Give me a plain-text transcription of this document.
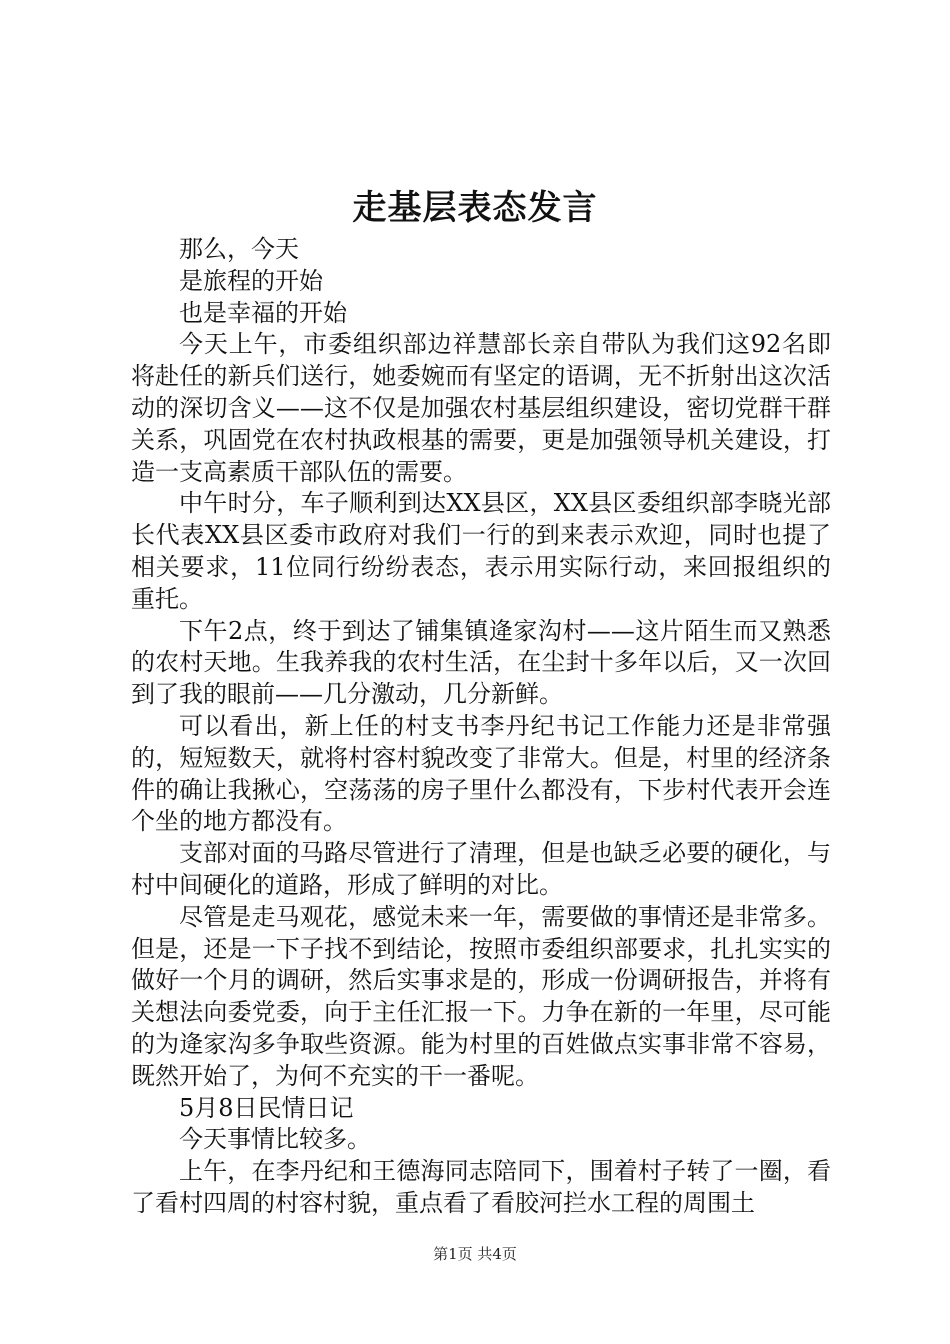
走基层表态发言

那么，今天

是旅程的开始

也是幸福的开始

今天上午，市委组织部边祥慧部长亲自带队为我们这92名即将赴任的新兵们送行，她委婉而有坚定的语调，无不折射出这次活动的深切含义——这不仅是加强农村基层组织建设，密切党群干群关系，巩固党在农村执政根基的需要，更是加强领导机关建设，打造一支高素质干部队伍的需要。

中午时分，车子顺利到达XX县区，XX县区委组织部李晓光部长代表XX县区委市政府对我们一行的到来表示欢迎，同时也提了相关要求，11位同行纷纷表态，表示用实际行动，来回报组织的重托。

下午2点，终于到达了铺集镇逄家沟村——这片陌生而又熟悉的农村天地。生我养我的农村生活，在尘封十多年以后，又一次回到了我的眼前——几分激动，几分新鲜。

可以看出，新上任的村支书李丹纪书记工作能力还是非常强的，短短数天，就将村容村貌改变了非常大。但是，村里的经济条件的确让我揪心，空荡荡的房子里什么都没有，下步村代表开会连个坐的地方都没有。

支部对面的马路尽管进行了清理，但是也缺乏必要的硬化，与村中间硬化的道路，形成了鲜明的对比。

尽管是走马观花，感觉未来一年，需要做的事情还是非常多。但是，还是一下子找不到结论，按照市委组织部要求，扎扎实实的做好一个月的调研，然后实事求是的，形成一份调研报告，并将有关想法向委党委，向于主任汇报一下。力争在新的一年里，尽可能的为逄家沟多争取些资源。能为村里的百姓做点实事非常不容易，既然开始了，为何不充实的干一番呢。

5月8日民情日记

今天事情比较多。

上午，在李丹纪和王德海同志陪同下，围着村子转了一圈，看了看村四周的村容村貌，重点看了看胶河拦水工程的周围土

第1页 共4页
